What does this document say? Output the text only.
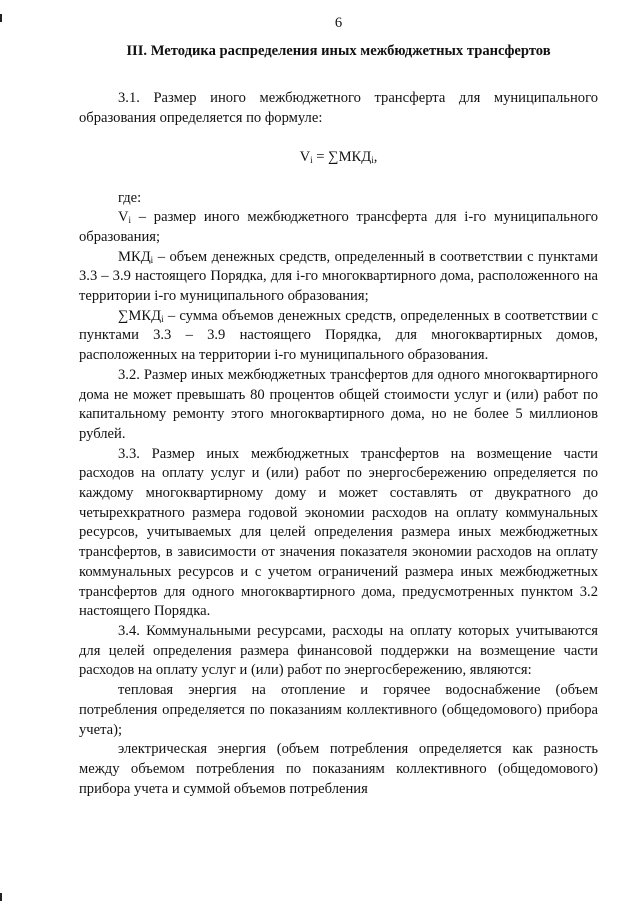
6
III. Методика распределения иных межбюджетных трансфертов

3.1. Размер иного межбюджетного трансферта для муниципального образования определяется по формуле:

$V_i = \sum МКД_i$,

где:

$V_i$ – размер иного межбюджетного трансферта для i-го муниципального образования;

$МКД_i$ – объем денежных средств, определенный в соответствии с пунктами 3.3 – 3.9 настоящего Порядка, для i-го многоквартирного дома, расположенного на территории i-го муниципального образования;

$\sum МКД_i$ – сумма объемов денежных средств, определенных в соответствии с пунктами 3.3 – 3.9 настоящего Порядка, для многоквартирных домов, расположенных на территории i-го муниципального образования.

3.2. Размер иных межбюджетных трансфертов для одного многоквартирного дома не может превышать 80 процентов общей стоимости услуг и (или) работ по капитальному ремонту этого многоквартирного дома, но не более 5 миллионов рублей.

3.3. Размер иных межбюджетных трансфертов на возмещение части расходов на оплату услуг и (или) работ по энергосбережению определяется по каждому многоквартирному дому и может составлять от двукратного до четырехкратного размера годовой экономии расходов на оплату коммунальных ресурсов, учитываемых для целей определения размера иных межбюджетных трансфертов, в зависимости от значения показателя экономии расходов на оплату коммунальных ресурсов и с учетом ограничений размера иных межбюджетных трансфертов для одного многоквартирного дома, предусмотренных пунктом 3.2 настоящего Порядка.

3.4. Коммунальными ресурсами, расходы на оплату которых учитываются для целей определения размера финансовой поддержки на возмещение части расходов на оплату услуг и (или) работ по энергосбережению, являются:

тепловая энергия на отопление и горячее водоснабжение (объем потребления определяется по показаниям коллективного (общедомового) прибора учета);

электрическая энергия (объем потребления определяется как разность между объемом потребления по показаниям коллективного (общедомового) прибора учета и суммой объемов потребления
